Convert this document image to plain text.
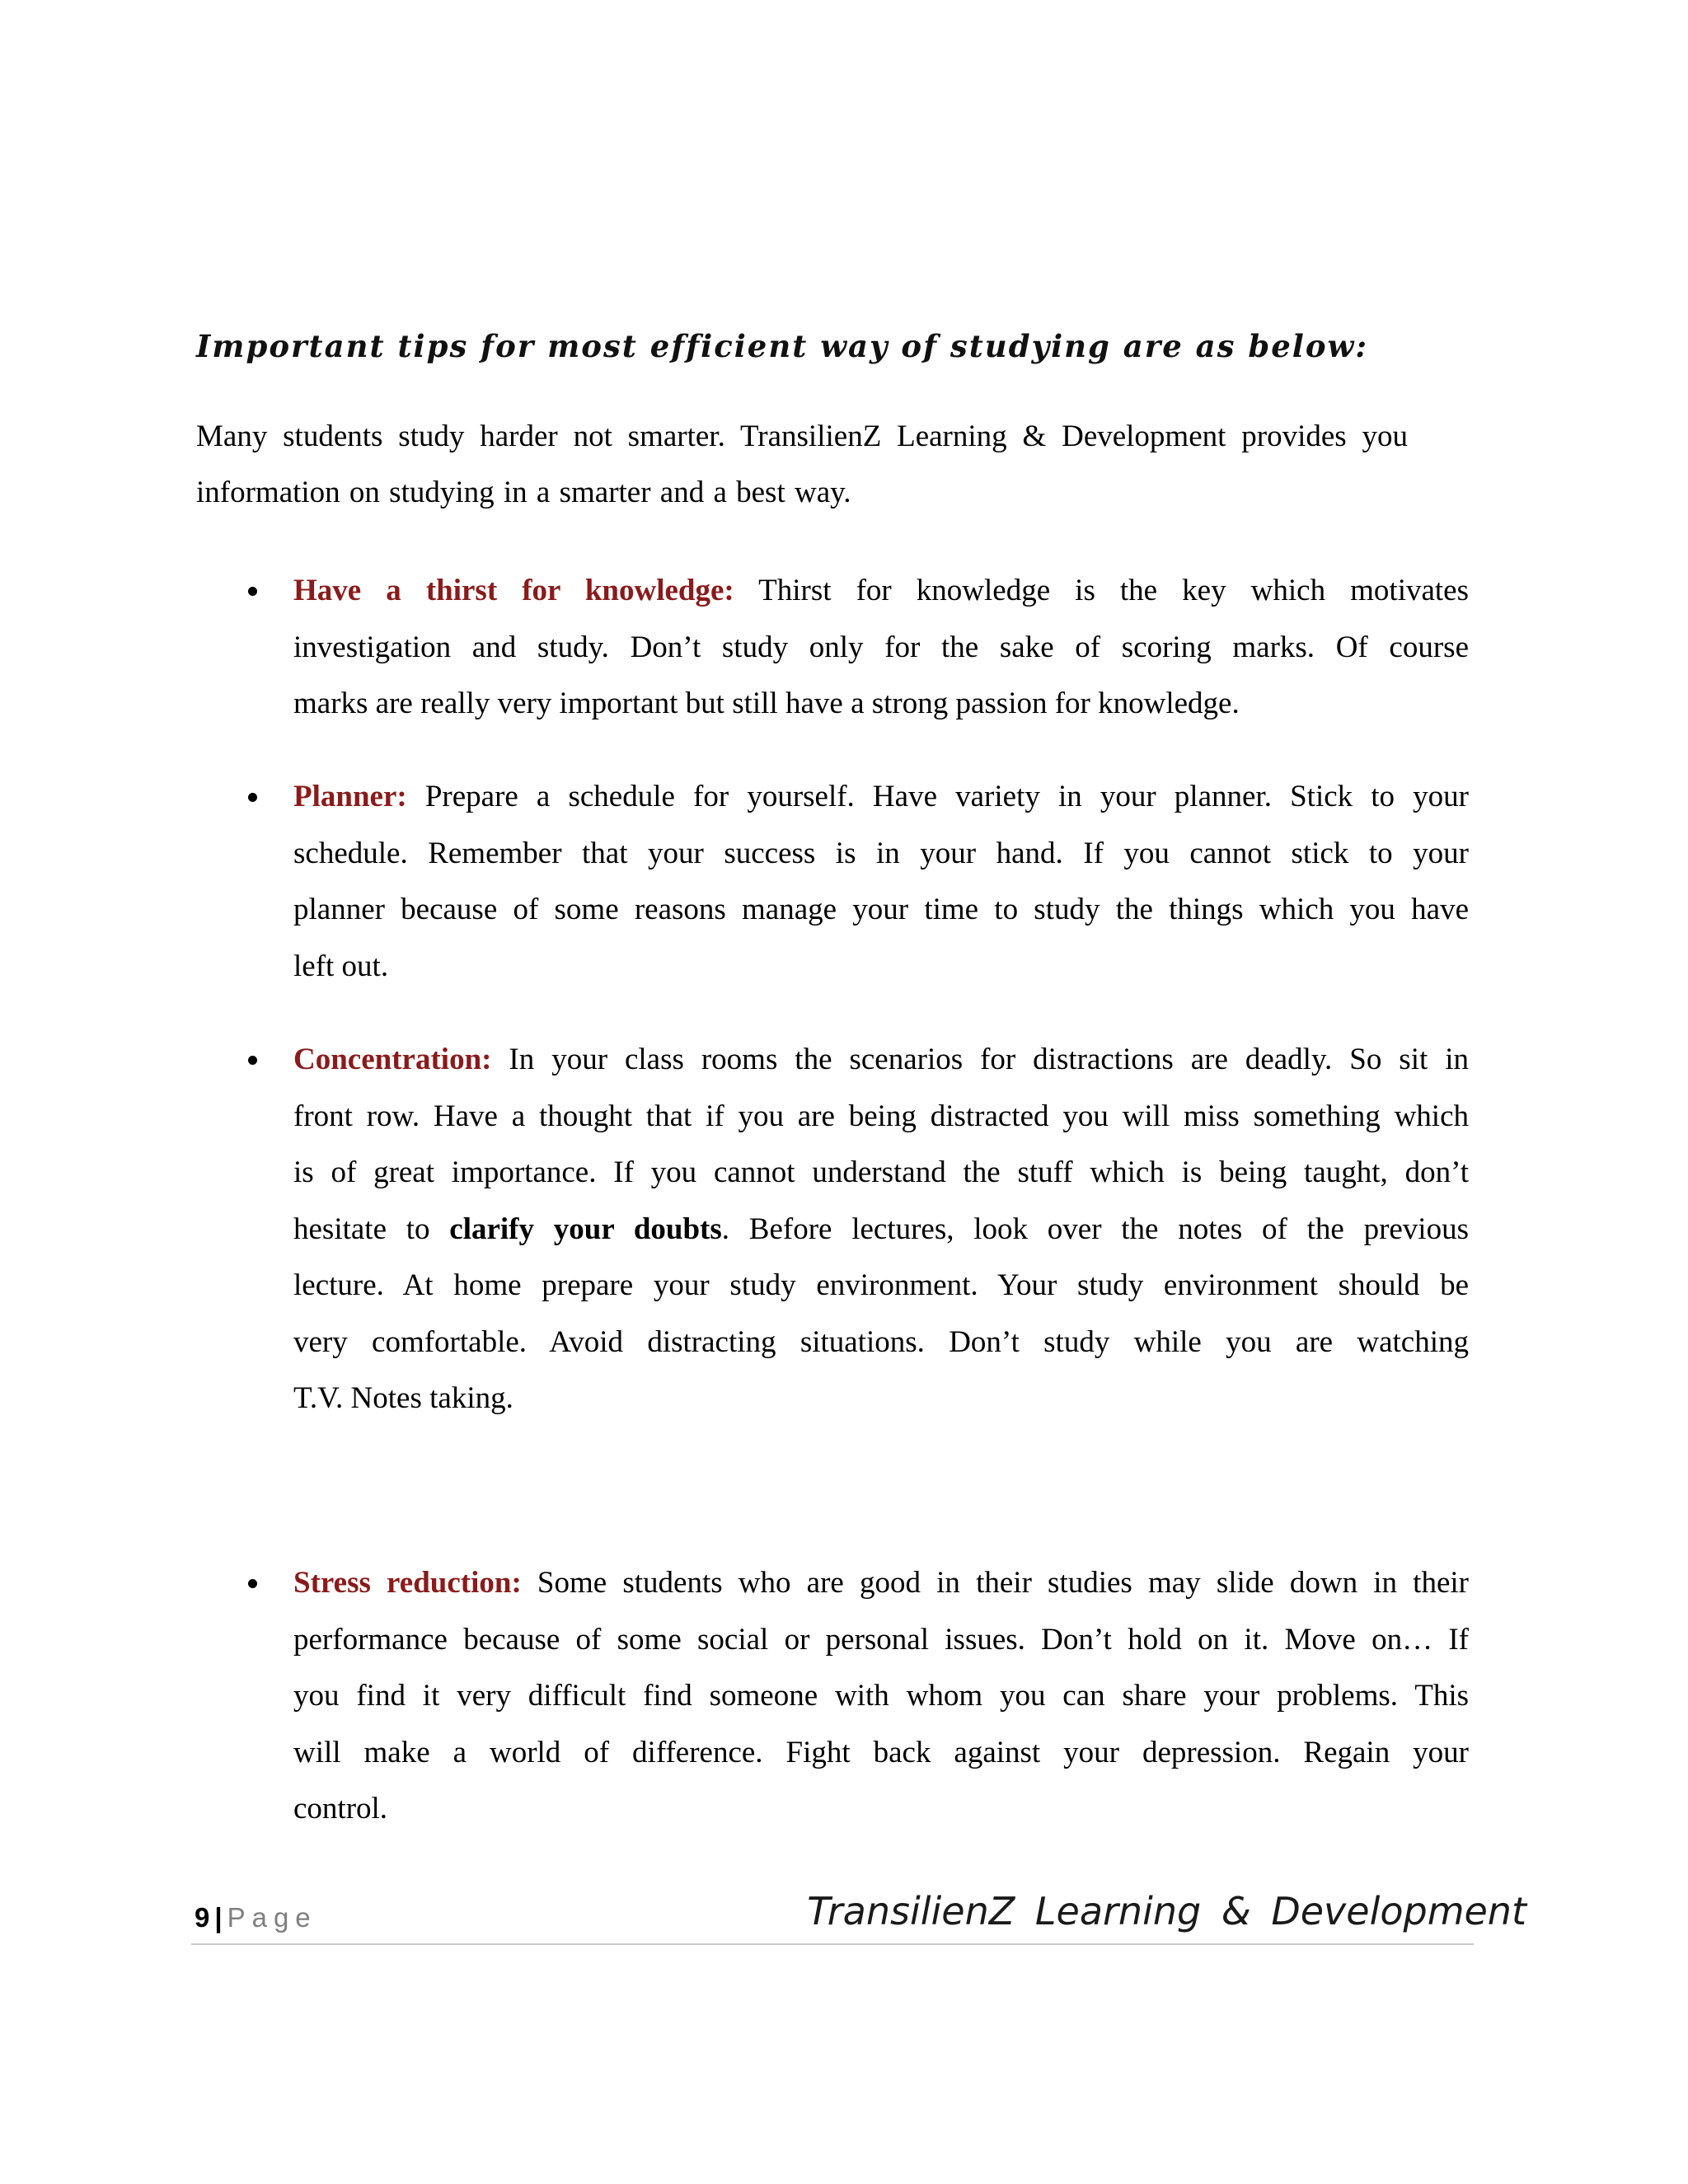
Important tips for most efficient way of studying are as below:
Many students study harder not smarter. TransilienZ Learning & Development provides you
information on studying in a smarter and a best way.
Have a thirst for knowledge: Thirst for knowledge is the key which motivates
investigation and study. Don’t study only for the sake of scoring marks. Of course
marks are really very important but still have a strong passion for knowledge.
Planner: Prepare a schedule for yourself. Have variety in your planner. Stick to your
schedule. Remember that your success is in your hand. If you cannot stick to your
planner because of some reasons manage your time to study the things which you have
left out.
Concentration: In your class rooms the scenarios for distractions are deadly. So sit in
front row. Have a thought that if you are being distracted you will miss something which
is of great importance. If you cannot understand the stuff which is being taught, don’t
hesitate to clarify your doubts. Before lectures, look over the notes of the previous
lecture. At home prepare your study environment. Your study environment should be
very comfortable. Avoid distracting situations. Don’t study while you are watching
T.V. Notes taking.
Stress reduction: Some students who are good in their studies may slide down in their
performance because of some social or personal issues. Don’t hold on it. Move on… If
you find it very difficult find someone with whom you can share your problems. This
will make a world of difference. Fight back against your depression. Regain your
control.
9 | Page	TransilienZ Learning & Development
